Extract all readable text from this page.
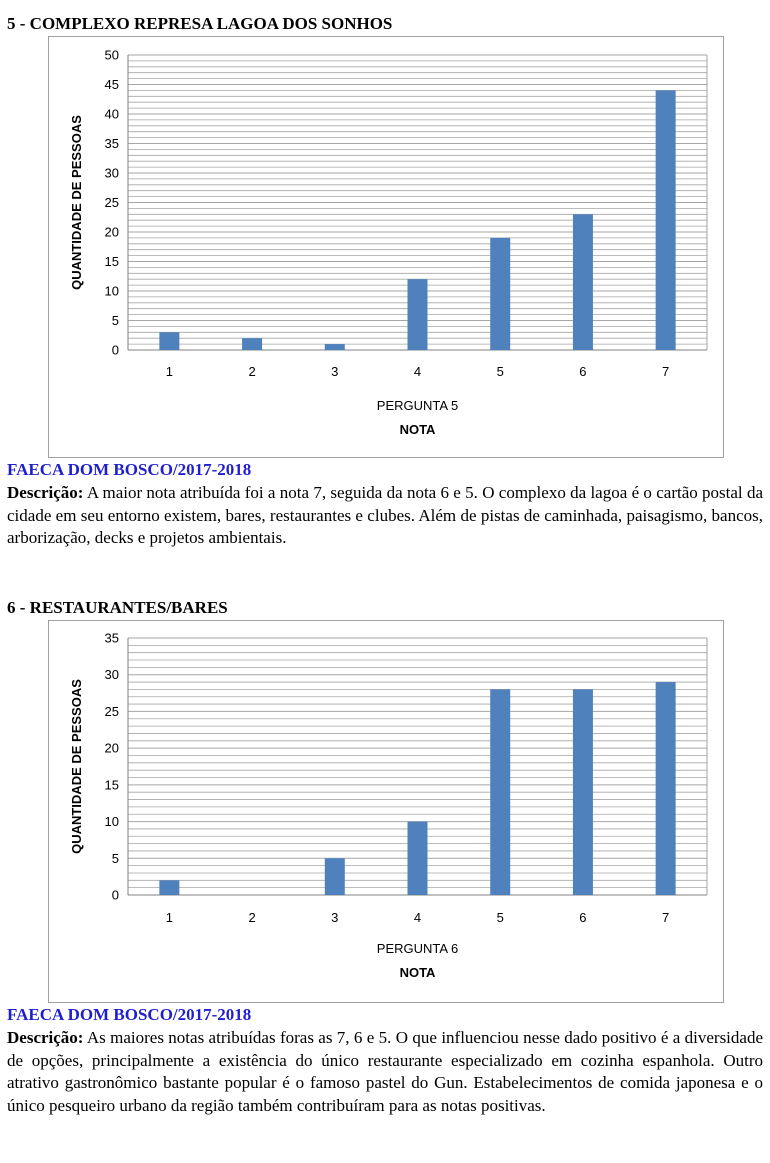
5 - COMPLEXO REPRESA LAGOA DOS SONHOS
0
5
10
15
20
25
30
35
40
45
50
1	2	3	4	5	6	7
PERGUNTA 5
NOTA
QUANTIDADE DE PESSOAS
FAECA DOM BOSCO/2017-2018

Descrição: A maior nota atribuída foi a nota 7, seguida da nota 6 e 5. O complexo da lagoa é o cartão postal da cidade em seu entorno existem, bares, restaurantes e clubes. Além de pistas de caminhada, paisagismo, bancos, arborização, decks e projetos ambientais.

6 - RESTAURANTES/BARES
0
5
10
15
20
25
30
35
1	2	3	4	5	6	7
PERGUNTA 6
NOTA
QUANTIDADE DE PESSOAS
FAECA DOM BOSCO/2017-2018

Descrição: As maiores notas atribuídas foras as 7, 6 e 5. O que influenciou nesse dado positivo é a diversidade de opções, principalmente a existência do único restaurante especializado em cozinha espanhola. Outro atrativo gastronômico bastante popular é o famoso pastel do Gun. Estabelecimentos de comida japonesa e o único pesqueiro urbano da região também contribuíram para as notas positivas.
